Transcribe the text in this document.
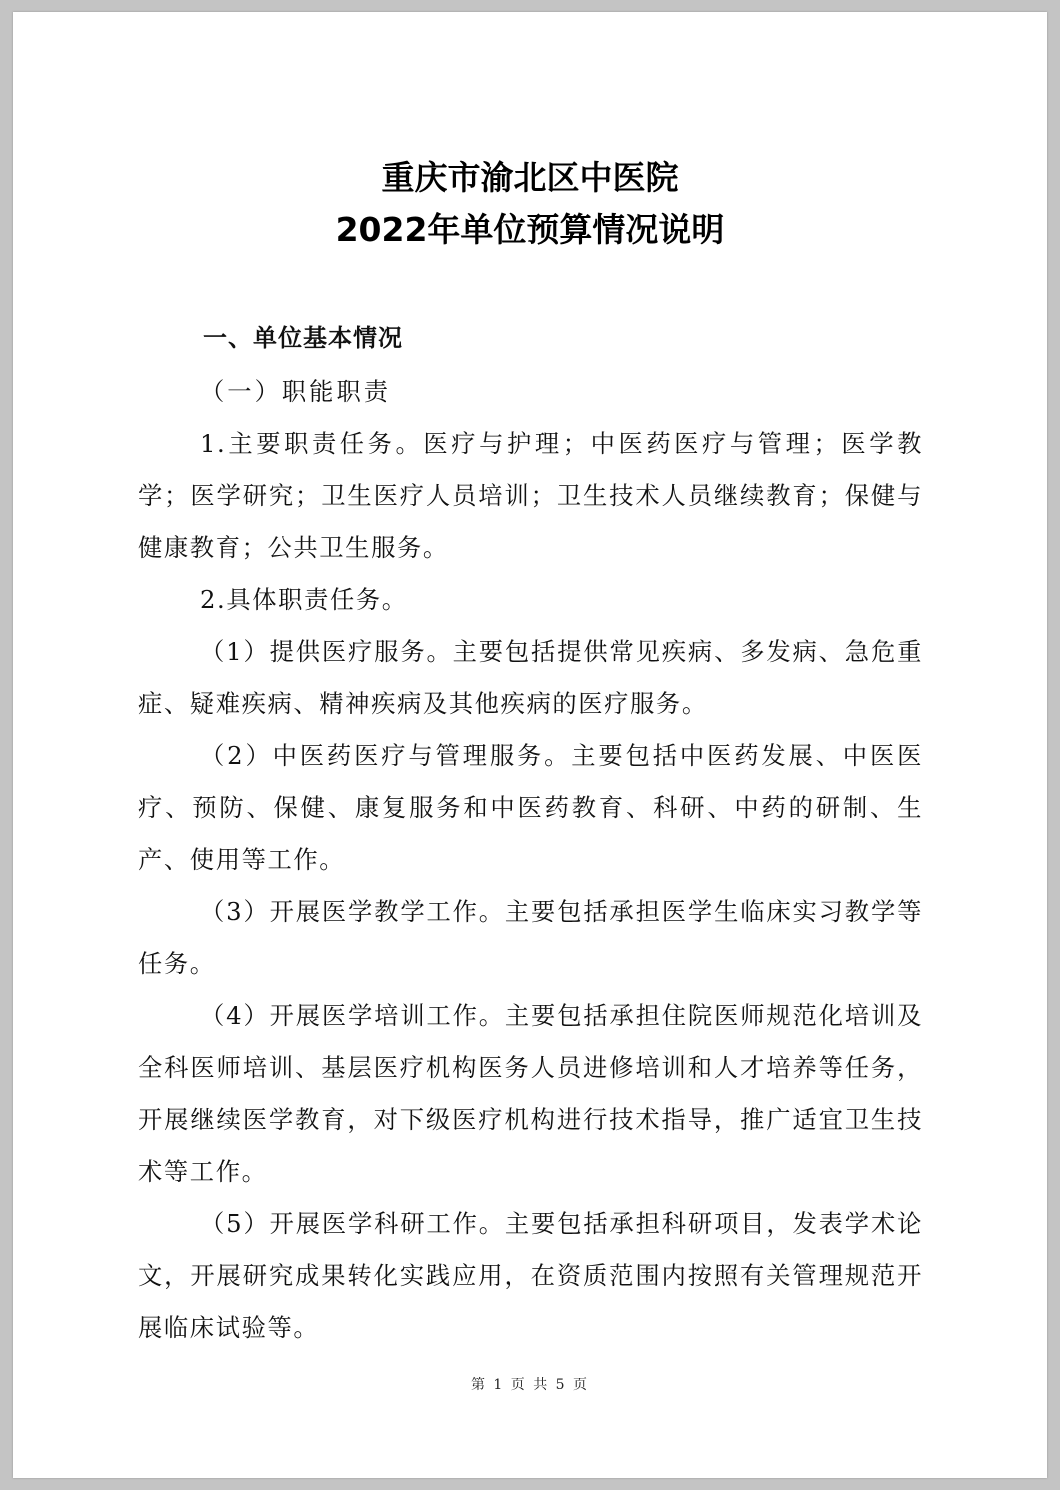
重庆市渝北区中医院
2022年单位预算情况说明

一、单位基本情况

（一）职能职责

1.主要职责任务。医疗与护理；中医药医疗与管理；医学教学；医学研究；卫生医疗人员培训；卫生技术人员继续教育；保健与健康教育；公共卫生服务。

2.具体职责任务。

（1）提供医疗服务。主要包括提供常见疾病、多发病、急危重症、疑难疾病、精神疾病及其他疾病的医疗服务。

（2）中医药医疗与管理服务。主要包括中医药发展、中医医疗、预防、保健、康复服务和中医药教育、科研、中药的研制、生产、使用等工作。

（3）开展医学教学工作。主要包括承担医学生临床实习教学等任务。

（4）开展医学培训工作。主要包括承担住院医师规范化培训及全科医师培训、基层医疗机构医务人员进修培训和人才培养等任务，开展继续医学教育，对下级医疗机构进行技术指导，推广适宜卫生技术等工作。

（5）开展医学科研工作。主要包括承担科研项目，发表学术论文，开展研究成果转化实践应用，在资质范围内按照有关管理规范开展临床试验等。

第 1 页 共 5 页
